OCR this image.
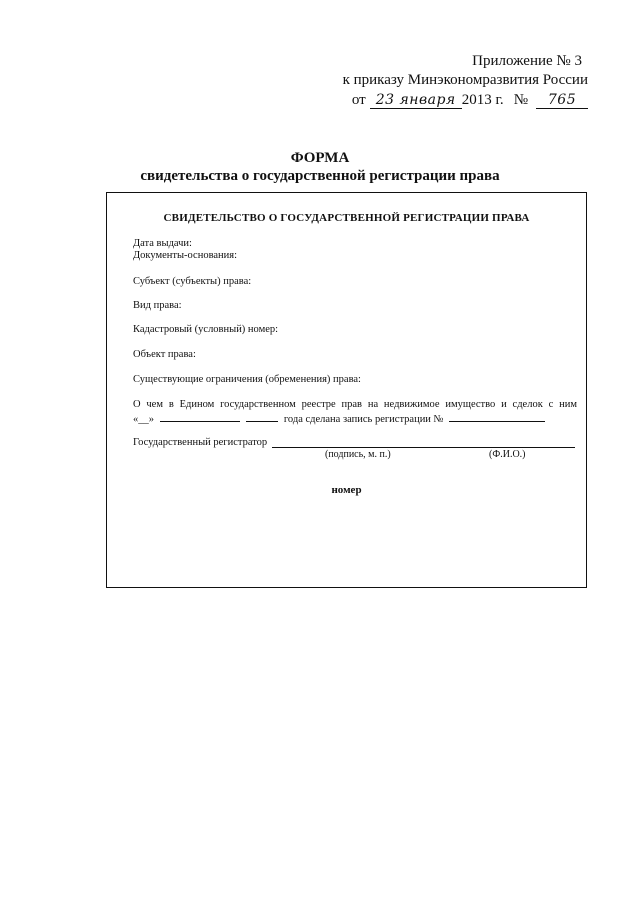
Приложение № 3
к приказу Минэкономразвития России
от 23 января 2013 г. №	765
ФОРМА
свидетельства о государственной регистрации права
СВИДЕТЕЛЬСТВО О ГОСУДАРСТВЕННОЙ РЕГИСТРАЦИИ ПРАВА
Дата выдачи:
Документы-основания:
Субъект (субъекты) права:
Вид права:
Кадастровый (условный) номер:
Объект права:
Существующие ограничения (обременения) права:
О чем в Едином государственном реестре прав на недвижимое имущество и сделок с ним
«__»	года сделана запись регистрации №
Государственный регистратор
(подпись, м. п.)	(Ф.И.О.)
номер
